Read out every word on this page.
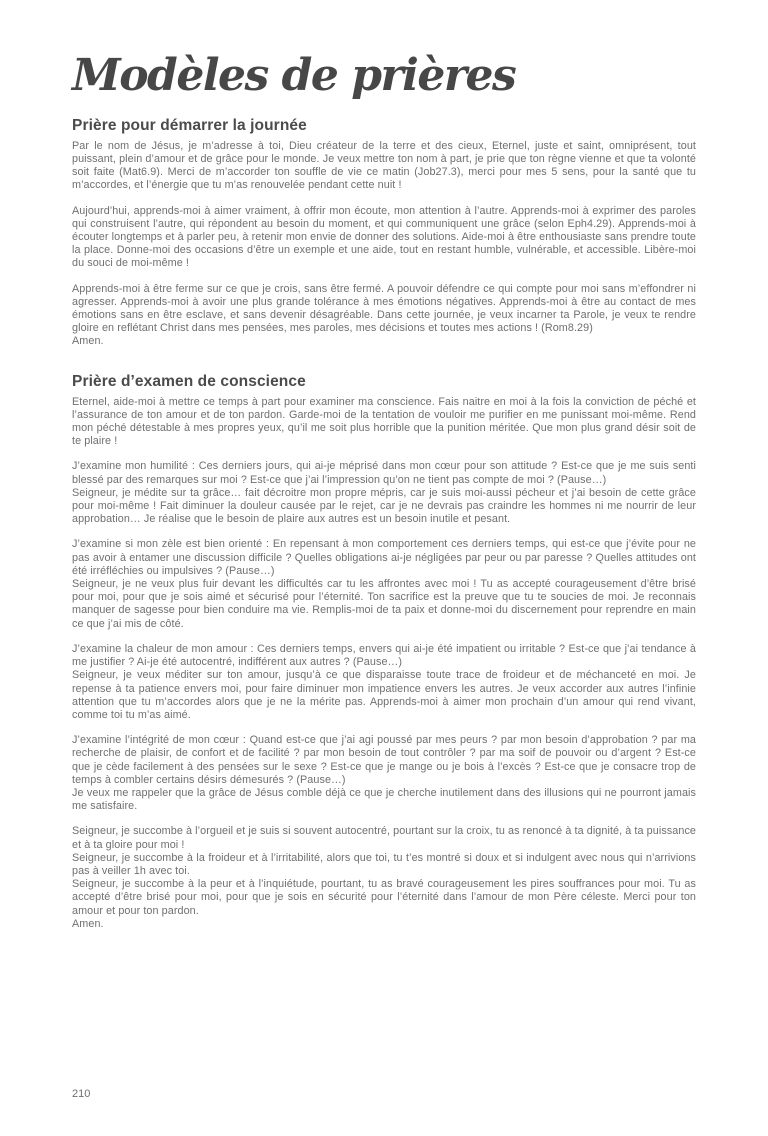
Modèles de prières
Prière pour démarrer la journée

Par le nom de Jésus, je m’adresse à toi, Dieu créateur de la terre et des cieux, Eternel, juste et saint, omniprésent, tout puissant, plein d’amour et de grâce pour le monde. Je veux mettre ton nom à part, je prie que ton règne vienne et que ta volonté soit faite (Mat6.9). Merci de m’accorder ton souffle de vie ce matin (Job27.3), merci pour mes 5 sens, pour la santé que tu m’accordes, et l’énergie que tu m’as renouvelée pendant cette nuit !

Aujourd’hui, apprends-moi à aimer vraiment, à offrir mon écoute, mon attention à l’autre. Apprends-moi à exprimer des paroles qui construisent l’autre, qui répondent au besoin du moment, et qui communiquent une grâce (selon Eph4.29). Apprends-moi à écouter longtemps et à parler peu, à retenir mon envie de donner des solutions. Aide-moi à être enthousiaste sans prendre toute la place. Donne-moi des occasions d’être un exemple et une aide, tout en restant humble, vulnérable, et accessible. Libère-moi du souci de moi-même !

Apprends-moi à être ferme sur ce que je crois, sans être fermé. A pouvoir défendre ce qui compte pour moi sans m’effondrer ni agresser. Apprends-moi à avoir une plus grande tolérance à mes émotions négatives. Apprends-moi à être au contact de mes émotions sans en être esclave, et sans devenir désagréable. Dans cette journée, je veux incarner ta Parole, je veux te rendre gloire en reflétant Christ dans mes pensées, mes paroles, mes décisions et toutes mes actions ! (Rom8.29)
Amen.

Prière d’examen de conscience

Eternel, aide-moi à mettre ce temps à part pour examiner ma conscience. Fais naitre en moi à la fois la conviction de péché et l’assurance de ton amour et de ton pardon. Garde-moi de la tentation de vouloir me purifier en me punissant moi-même. Rend mon péché détestable à mes propres yeux, qu’il me soit plus horrible que la punition méritée. Que mon plus grand désir soit de te plaire !

J’examine mon humilité : Ces derniers jours, qui ai-je méprisé dans mon cœur pour son attitude ? Est-ce que je me suis senti blessé par des remarques sur moi ? Est-ce que j’ai l’impression qu’on ne tient pas compte de moi ? (Pause…)
Seigneur, je médite sur ta grâce… fait décroitre mon propre mépris, car je suis moi-aussi pécheur et j’ai besoin de cette grâce pour moi-même ! Fait diminuer la douleur causée par le rejet, car je ne devrais pas craindre les hommes ni me nourrir de leur approbation… Je réalise que le besoin de plaire aux autres est un besoin inutile et pesant.

J’examine si mon zèle est bien orienté : En repensant à mon comportement ces derniers temps, qui est-ce que j’évite pour ne pas avoir à entamer une discussion difficile ? Quelles obligations ai-je négligées par peur ou par paresse ? Quelles attitudes ont été irréfléchies ou impulsives ? (Pause…)
Seigneur, je ne veux plus fuir devant les difficultés car tu les affrontes avec moi ! Tu as accepté courageusement d’être brisé pour moi, pour que je sois aimé et sécurisé pour l’éternité. Ton sacrifice est la preuve que tu te soucies de moi. Je reconnais manquer de sagesse pour bien conduire ma vie. Remplis-moi de ta paix et donne-moi du discernement pour reprendre en main ce que j’ai mis de côté.

J’examine la chaleur de mon amour : Ces derniers temps, envers qui ai-je été impatient ou irritable ? Est-ce que j’ai tendance à me justifier ? Ai-je été autocentré, indifférent aux autres ? (Pause…)
Seigneur, je veux méditer sur ton amour, jusqu’à ce que disparaisse toute trace de froideur et de méchanceté en moi. Je repense à ta patience envers moi, pour faire diminuer mon impatience envers les autres. Je veux accorder aux autres l’infinie attention que tu m’accordes alors que je ne la mérite pas. Apprends-moi à aimer mon prochain d’un amour qui rend vivant, comme toi tu m’as aimé.

J’examine l’intégrité de mon cœur : Quand est-ce que j’ai agi poussé par mes peurs ? par mon besoin d’approbation ? par ma recherche de plaisir, de confort et de facilité ? par mon besoin de tout contrôler ? par ma soif de pouvoir ou d’argent ? Est-ce que je cède facilement à des pensées sur le sexe ? Est-ce que je mange ou je bois à l’excès ? Est-ce que je consacre trop de temps à combler certains désirs démesurés ? (Pause…)
Je veux me rappeler que la grâce de Jésus comble déjà ce que je cherche inutilement dans des illusions qui ne pourront jamais me satisfaire.

Seigneur, je succombe à l’orgueil et je suis si souvent autocentré, pourtant sur la croix, tu as renoncé à ta dignité, à ta puissance et à ta gloire pour moi !
Seigneur, je succombe à la froideur et à l’irritabilité, alors que toi, tu t’es montré si doux et si indulgent avec nous qui n’arrivions pas à veiller 1h avec toi.
Seigneur, je succombe à la peur et à l’inquiétude, pourtant, tu as bravé courageusement les pires souffrances pour moi. Tu as accepté d’être brisé pour moi, pour que je sois en sécurité pour l’éternité dans l’amour de mon Père céleste. Merci pour ton amour et pour ton pardon.
Amen.

210
